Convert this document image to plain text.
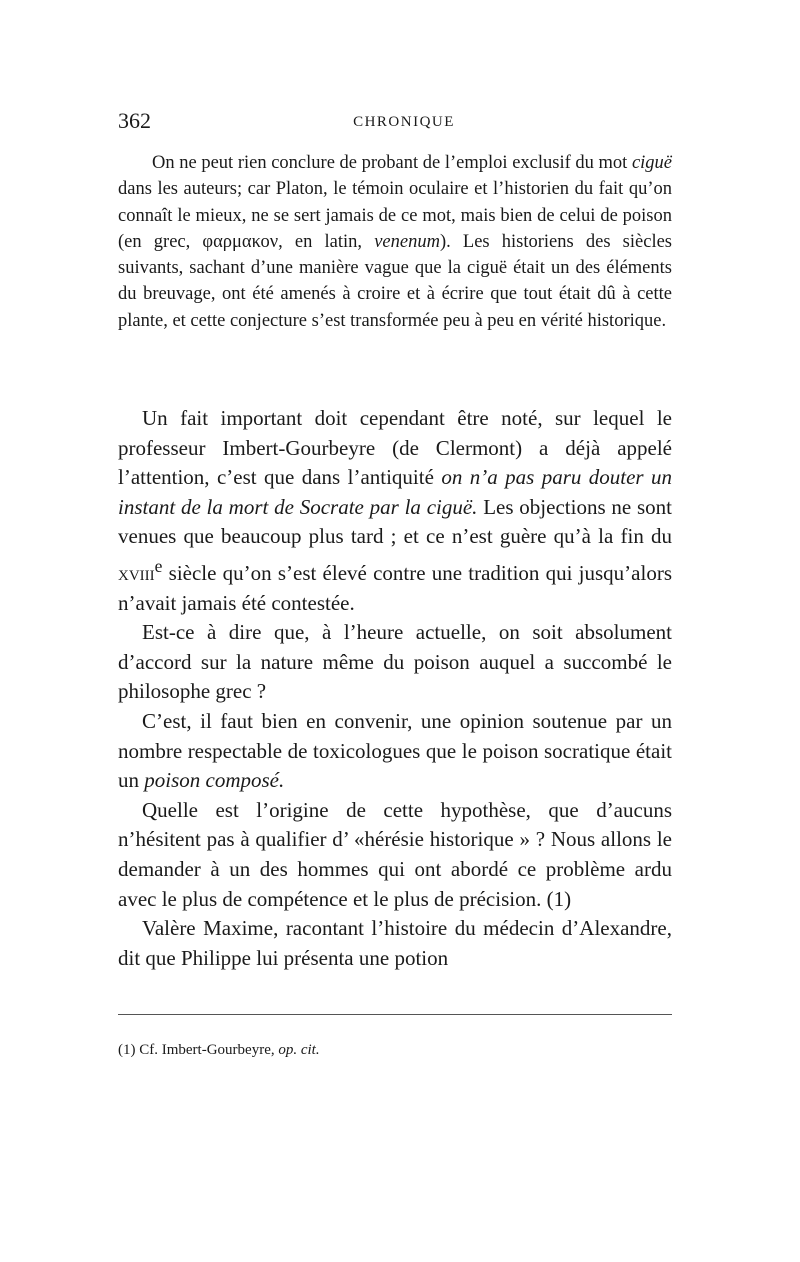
362	CHRONIQUE

On ne peut rien conclure de probant de l’emploi exclusif du mot ciguë dans les auteurs; car Platon, le témoin oculaire et l’historien du fait qu’on connaît le mieux, ne se sert jamais de ce mot, mais bien de celui de poison (en grec, φαρμακον, en latin, venenum). Les historiens des siècles suivants, sachant d’une manière vague que la ciguë était un des éléments du breuvage, ont été amenés à croire et à écrire que tout était dû à cette plante, et cette conjecture s’est transformée peu à peu en vérité historique.

Un fait important doit cependant être noté, sur lequel le professeur Imbert-Gourbeyre (de Clermont) a déjà appelé l’attention, c’est que dans l’antiquité on n’a pas paru douter un instant de la mort de Socrate par la ciguë. Les objections ne sont venues que beaucoup plus tard ; et ce n’est guère qu’à la fin du xviii$^e$ siècle qu’on s’est élevé contre une tradition qui jusqu’alors n’avait jamais été contestée.

Est-ce à dire que, à l’heure actuelle, on soit absolument d’accord sur la nature même du poison auquel a succombé le philosophe grec ?

C’est, il faut bien en convenir, une opinion soutenue par un nombre respectable de toxicologues que le poison socratique était un poison composé.

Quelle est l’origine de cette hypothèse, que d’aucuns n’hésitent pas à qualifier d’ «hérésie historique » ? Nous allons le demander à un des hommes qui ont abordé ce problème ardu avec le plus de compétence et le plus de précision. (1)

Valère Maxime, racontant l’histoire du médecin d’Alexandre, dit que Philippe lui présenta une potion

(1) Cf. Imbert-Gourbeyre, op. cit.
